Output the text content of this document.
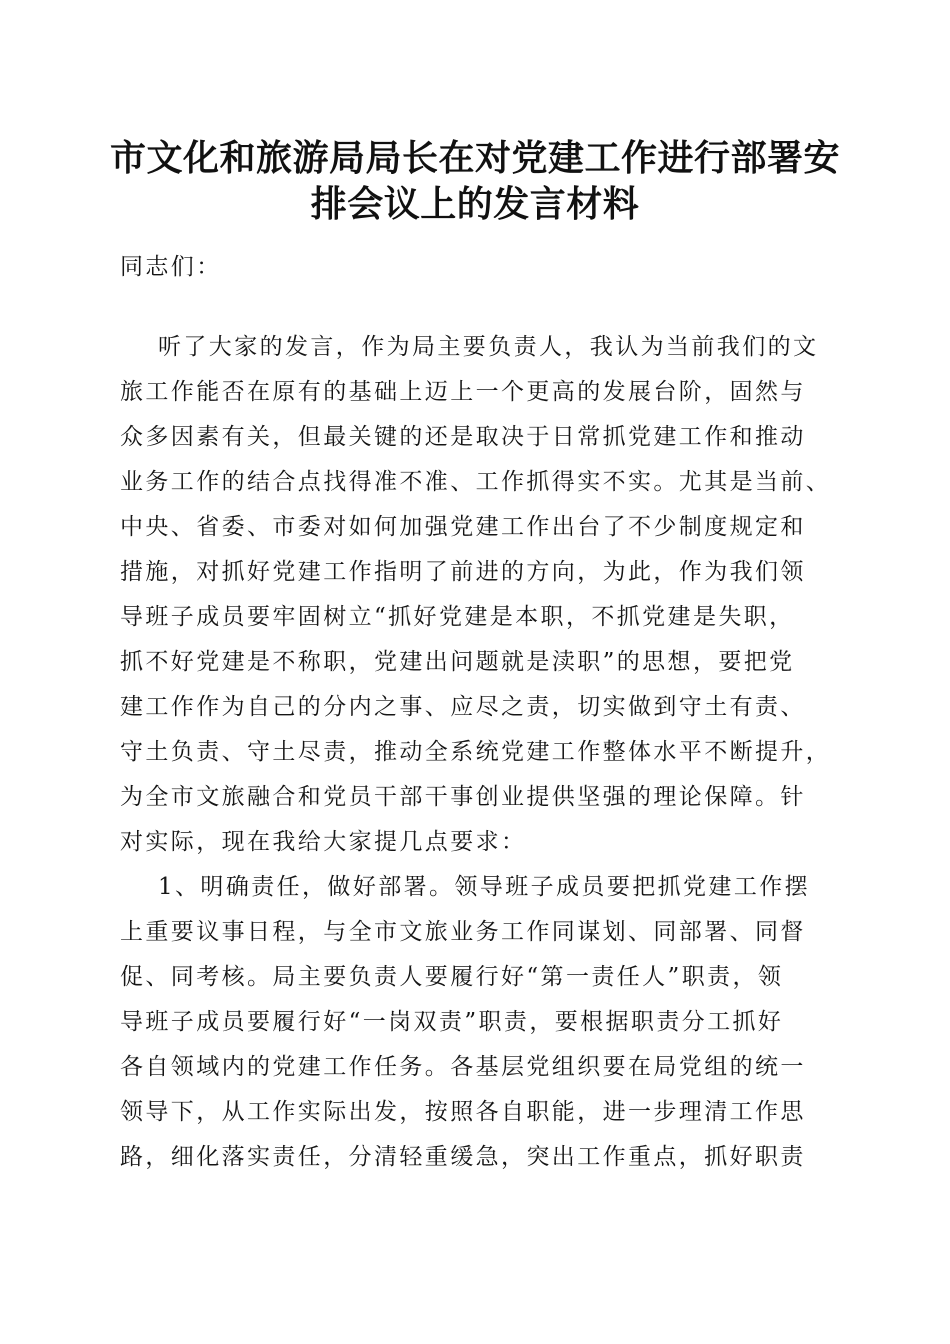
市文化和旅游局局长在对党建工作进行部署安
排会议上的发言材料
同志们：
听了大家的发言，作为局主要负责人，我认为当前我们的文
旅工作能否在原有的基础上迈上一个更高的发展台阶，固然与
众多因素有关，但最关键的还是取决于日常抓党建工作和推动
业务工作的结合点找得准不准、工作抓得实不实。尤其是当前、
中央、省委、市委对如何加强党建工作出台了不少制度规定和
措施，对抓好党建工作指明了前进的方向，为此，作为我们领
导班子成员要牢固树立“抓好党建是本职，不抓党建是失职，
抓不好党建是不称职，党建出问题就是渎职”的思想，要把党
建工作作为自己的分内之事、应尽之责，切实做到守土有责、
守土负责、守土尽责，推动全系统党建工作整体水平不断提升，
为全市文旅融合和党员干部干事创业提供坚强的理论保障。针
对实际，现在我给大家提几点要求：
1、明确责任，做好部署。领导班子成员要把抓党建工作摆
上重要议事日程，与全市文旅业务工作同谋划、同部署、同督
促、同考核。局主要负责人要履行好“第一责任人”职责，领
导班子成员要履行好“一岗双责”职责，要根据职责分工抓好
各自领域内的党建工作任务。各基层党组织要在局党组的统一
领导下，从工作实际出发，按照各自职能，进一步理清工作思
路，细化落实责任，分清轻重缓急，突出工作重点，抓好职责
